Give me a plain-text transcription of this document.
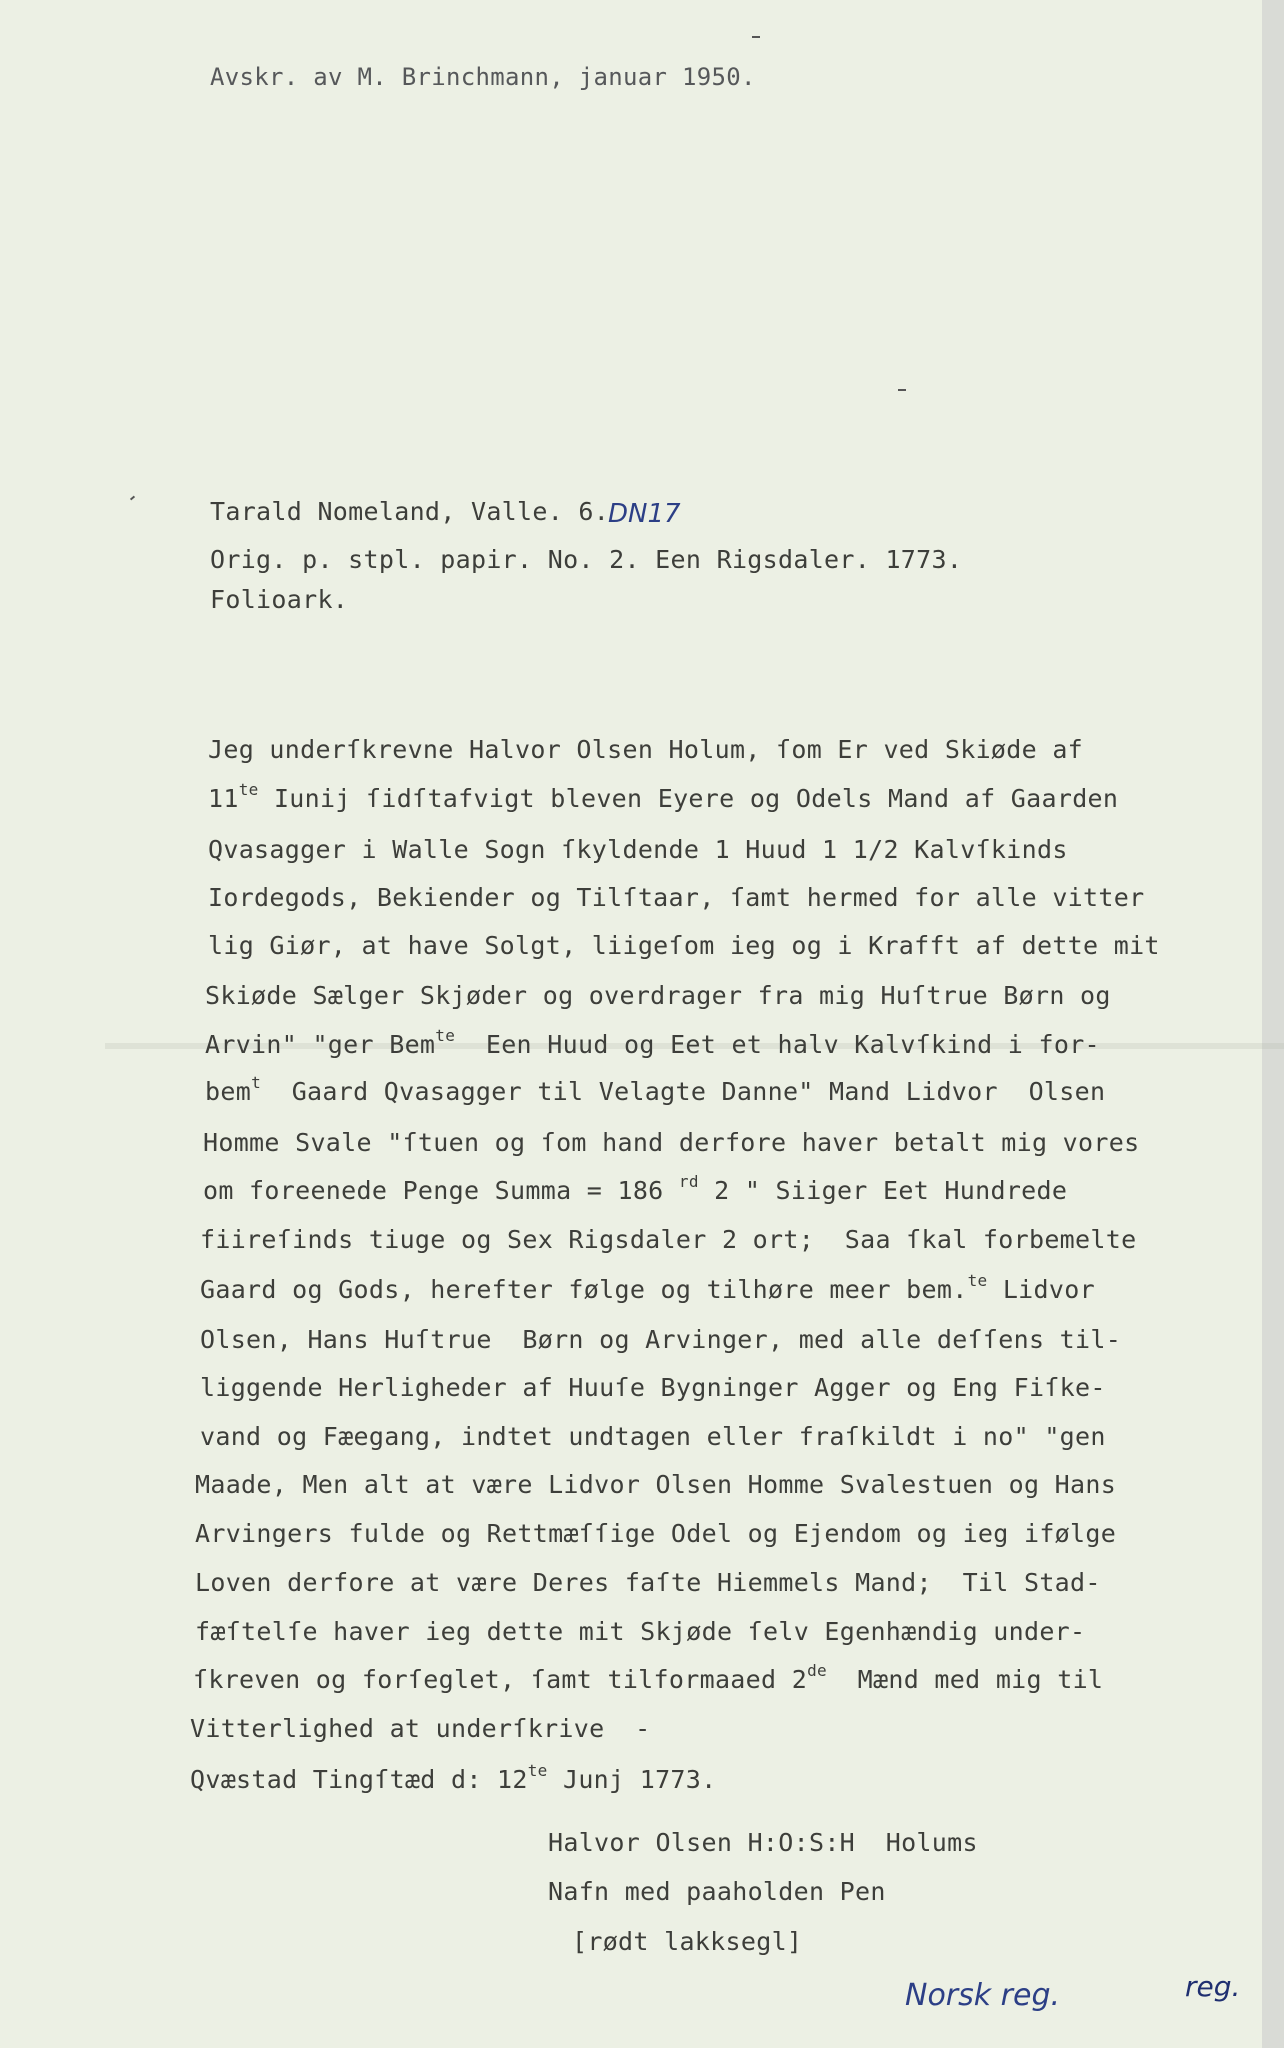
Avskr. av M. Brinchmann, januar 1950.
Tarald Nomeland, Valle. 6.
DN17
Orig. p. stpl. papir. No. 2. Een Rigsdaler. 1773.
Folioark.
Jeg underſkrevne Halvor Olsen Holum, ſom Er ved Skiøde af
$11^{te}$ Iunij ſidſtafvigt bleven Eyere og Odels Mand af Gaarden
Qvasagger i Walle Sogn ſkyldende 1 Huud 1 1/2 Kalvſkinds
Iordegods, Bekiender og Tilſtaar, ſamt hermed for alle vitter
lig Giør, at have Solgt, liigeſom ieg og i Krafft af dette mit
Skiøde Sælger Skjøder og overdrager fra mig Huſtrue Børn og
Arvin" "ger Bem$^{te}$ Een Huud og Eet et halv Kalvſkind i for-
bem$^t$ Gaard Qvasagger til Velagte Danne" Mand Lidvor  Olsen
Homme Svale "ſtuen og ſom hand derfore haver betalt mig vores
om foreenede Penge Summa = 186 $^{rd}$ 2 " Siiger Eet Hundrede
fiireſinds tiuge og Sex Rigsdaler 2 ort;  Saa ſkal forbemelte
Gaard og Gods, herefter følge og tilhøre meer bem.$^{te}$ Lidvor
Olsen, Hans Huſtrue  Børn og Arvinger, med alle deſſens til-
liggende Herligheder af Huuſe Bygninger Agger og Eng Fiſke-
vand og Fæegang, indtet undtagen eller fraſkildt i no" "gen
Maade, Men alt at være Lidvor Olsen Homme Svalestuen og Hans
Arvingers fulde og Rettmæſſige Odel og Ejendom og ieg ifølge
Loven derfore at være Deres faſte Hiemmels Mand;  Til Stad-
fæſtelſe haver ieg dette mit Skjøde ſelv Egenhændig under-
ſkreven og forſeglet, ſamt tilformaaed 2de Mænd med mig til
Vitterlighed at underſkrive  -
Qvæstad Tingſtæd d: $12^{te}$ Junj 1773.
Halvor Olsen H:O:S:H  Holums
Nafn med paaholden Pen
[rødt lakksegl]
Norsk reg.	reg.
